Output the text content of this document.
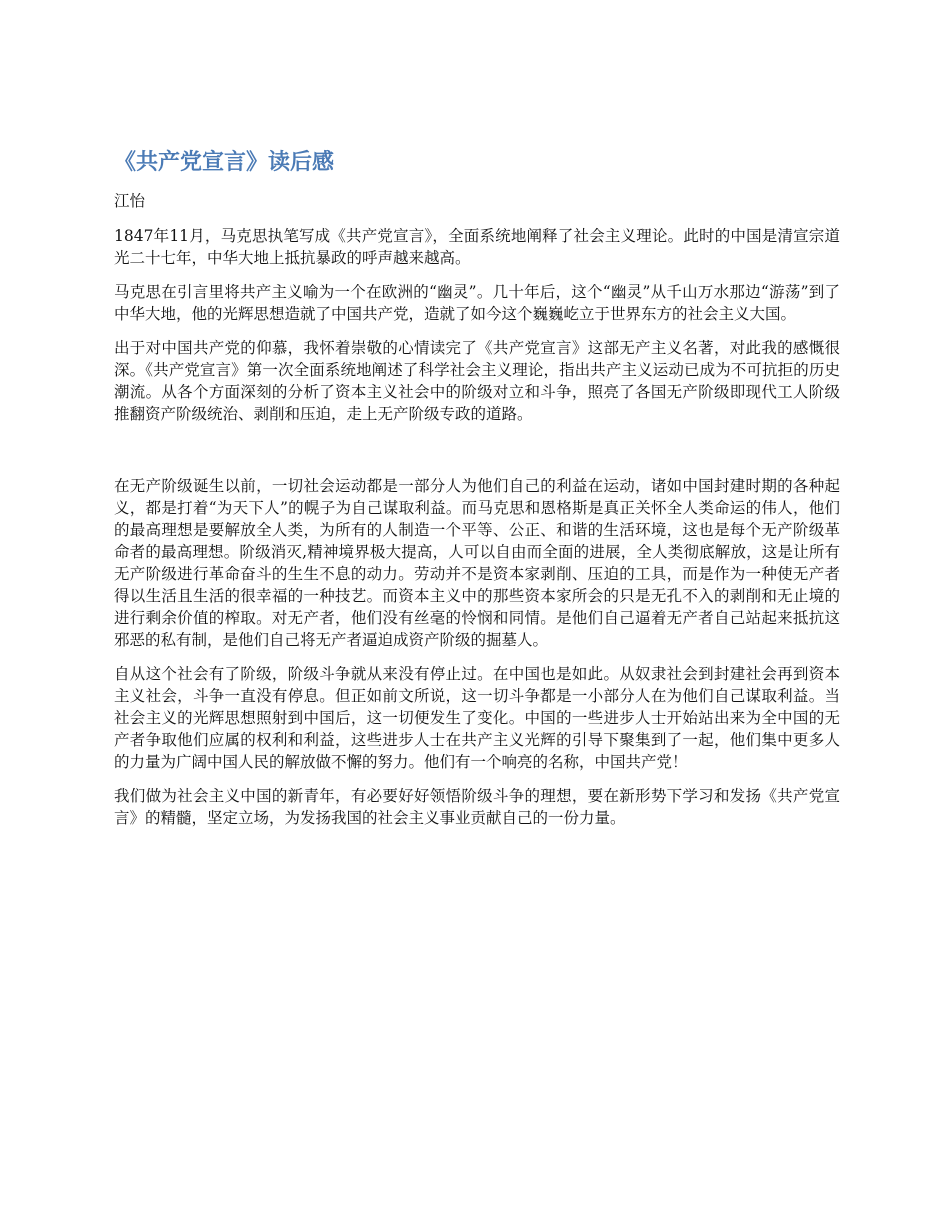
《共产党宣言》读后感
江怡

1847年11月，马克思执笔写成《共产党宣言》，全面系统地阐释了社会主义理论。此时的中国是清宣宗道光二十七年，中华大地上抵抗暴政的呼声越来越高。

马克思在引言里将共产主义喻为一个在欧洲的“幽灵”。几十年后，这个“幽灵”从千山万水那边“游荡”到了中华大地，他的光辉思想造就了中国共产党，造就了如今这个巍巍屹立于世界东方的社会主义大国。

出于对中国共产党的仰慕，我怀着崇敬的心情读完了《共产党宣言》这部无产主义名著，对此我的感慨很深。《共产党宣言》第一次全面系统地阐述了科学社会主义理论，指出共产主义运动已成为不可抗拒的历史潮流。从各个方面深刻的分析了资本主义社会中的阶级对立和斗争，照亮了各国无产阶级即现代工人阶级推翻资产阶级统治、剥削和压迫，走上无产阶级专政的道路。

在无产阶级诞生以前，一切社会运动都是一部分人为他们自己的利益在运动，诸如中国封建时期的各种起义，都是打着“为天下人”的幌子为自己谋取利益。而马克思和恩格斯是真正关怀全人类命运的伟人，他们的最高理想是要解放全人类，为所有的人制造一个平等、公正、和谐的生活环境，这也是每个无产阶级革命者的最高理想。阶级消灭,精神境界极大提高，人可以自由而全面的进展，全人类彻底解放，这是让所有无产阶级进行革命奋斗的生生不息的动力。劳动并不是资本家剥削、压迫的工具，而是作为一种使无产者得以生活且生活的很幸福的一种技艺。而资本主义中的那些资本家所会的只是无孔不入的剥削和无止境的进行剩余价值的榨取。对无产者，他们没有丝毫的怜悯和同情。是他们自己逼着无产者自己站起来抵抗这邪恶的私有制，是他们自己将无产者逼迫成资产阶级的掘墓人。

自从这个社会有了阶级，阶级斗争就从来没有停止过。在中国也是如此。从奴隶社会到封建社会再到资本主义社会，斗争一直没有停息。但正如前文所说，这一切斗争都是一小部分人在为他们自己谋取利益。当社会主义的光辉思想照射到中国后，这一切便发生了变化。中国的一些进步人士开始站出来为全中国的无产者争取他们应属的权利和利益，这些进步人士在共产主义光辉的引导下聚集到了一起，他们集中更多人的力量为广阔中国人民的解放做不懈的努力。他们有一个响亮的名称，中国共产党！

我们做为社会主义中国的新青年，有必要好好领悟阶级斗争的理想，要在新形势下学习和发扬《共产党宣言》的精髓，坚定立场，为发扬我国的社会主义事业贡献自己的一份力量。
